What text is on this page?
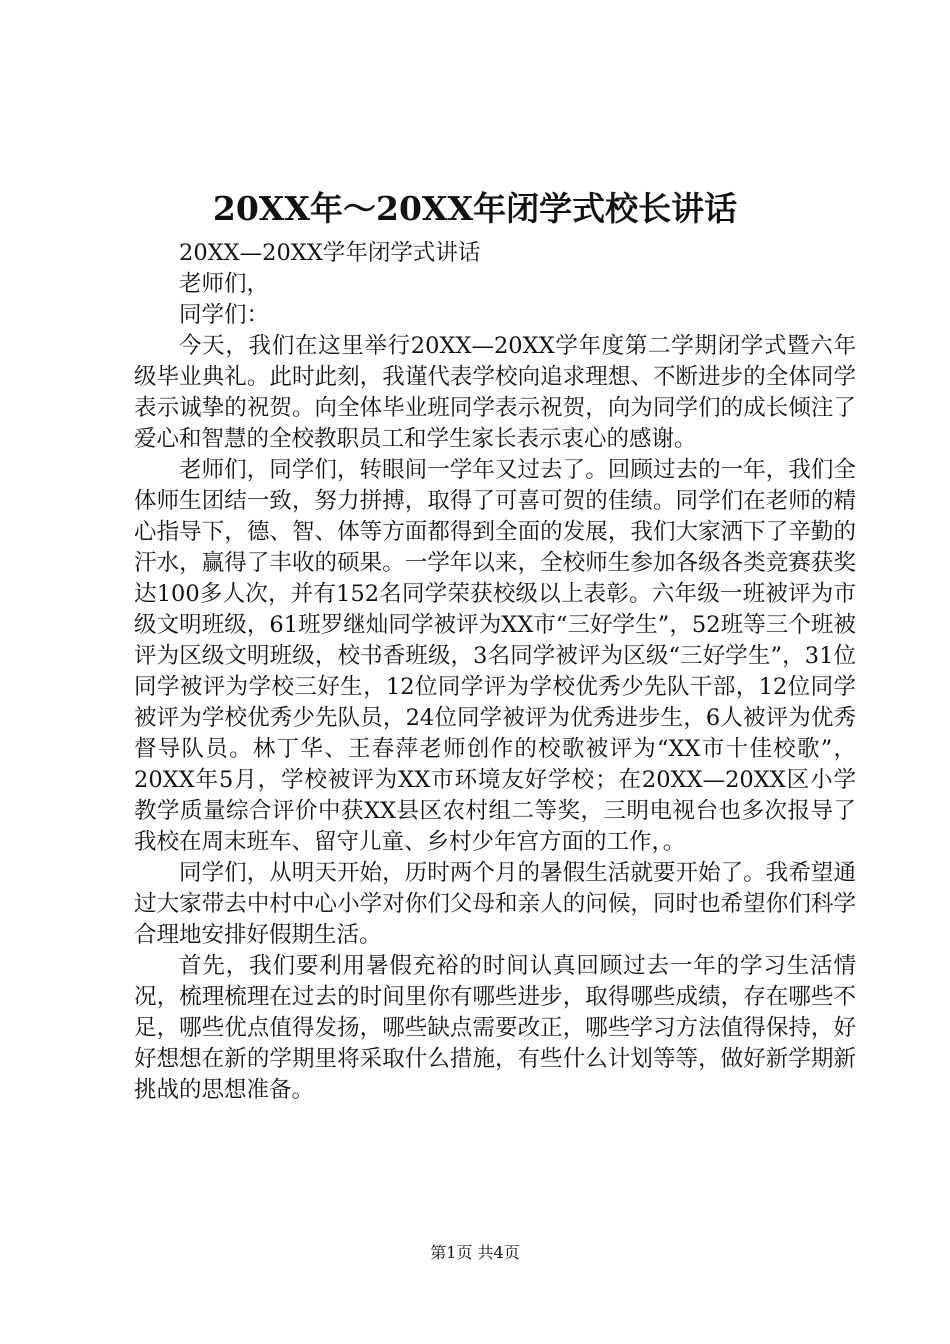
20XX年～20XX年闭学式校长讲话

20XX—20XX学年闭学式讲话

老师们，

同学们：

今天，我们在这里举行20XX—20XX学年度第二学期闭学式暨六年级毕业典礼。此时此刻，我谨代表学校向追求理想、不断进步的全体同学表示诚挚的祝贺。向全体毕业班同学表示祝贺，向为同学们的成长倾注了爱心和智慧的全校教职员工和学生家长表示衷心的感谢。

老师们，同学们，转眼间一学年又过去了。回顾过去的一年，我们全体师生团结一致，努力拼搏，取得了可喜可贺的佳绩。同学们在老师的精心指导下，德、智、体等方面都得到全面的发展，我们大家洒下了辛勤的汗水，赢得了丰收的硕果。一学年以来，全校师生参加各级各类竞赛获奖达100多人次，并有152名同学荣获校级以上表彰。六年级一班被评为市级文明班级，61班罗继灿同学被评为XX市“三好学生”，52班等三个班被评为区级文明班级，校书香班级，3名同学被评为区级“三好学生”，31位同学被评为学校三好生，12位同学评为学校优秀少先队干部，12位同学被评为学校优秀少先队员，24位同学被评为优秀进步生，6人被评为优秀督导队员。林丁华、王春萍老师创作的校歌被评为“XX市十佳校歌”，20XX年5月，学校被评为XX市环境友好学校；在20XX—20XX区小学教学质量综合评价中获XX县区农村组二等奖，三明电视台也多次报导了我校在周末班车、留守儿童、乡村少年宫方面的工作，。

同学们，从明天开始，历时两个月的暑假生活就要开始了。我希望通过大家带去中村中心小学对你们父母和亲人的问候，同时也希望你们科学合理地安排好假期生活。

首先，我们要利用暑假充裕的时间认真回顾过去一年的学习生活情况，梳理梳理在过去的时间里你有哪些进步，取得哪些成绩，存在哪些不足，哪些优点值得发扬，哪些缺点需要改正，哪些学习方法值得保持，好好想想在新的学期里将采取什么措施，有些什么计划等等，做好新学期新挑战的思想准备。

第1页 共4页
